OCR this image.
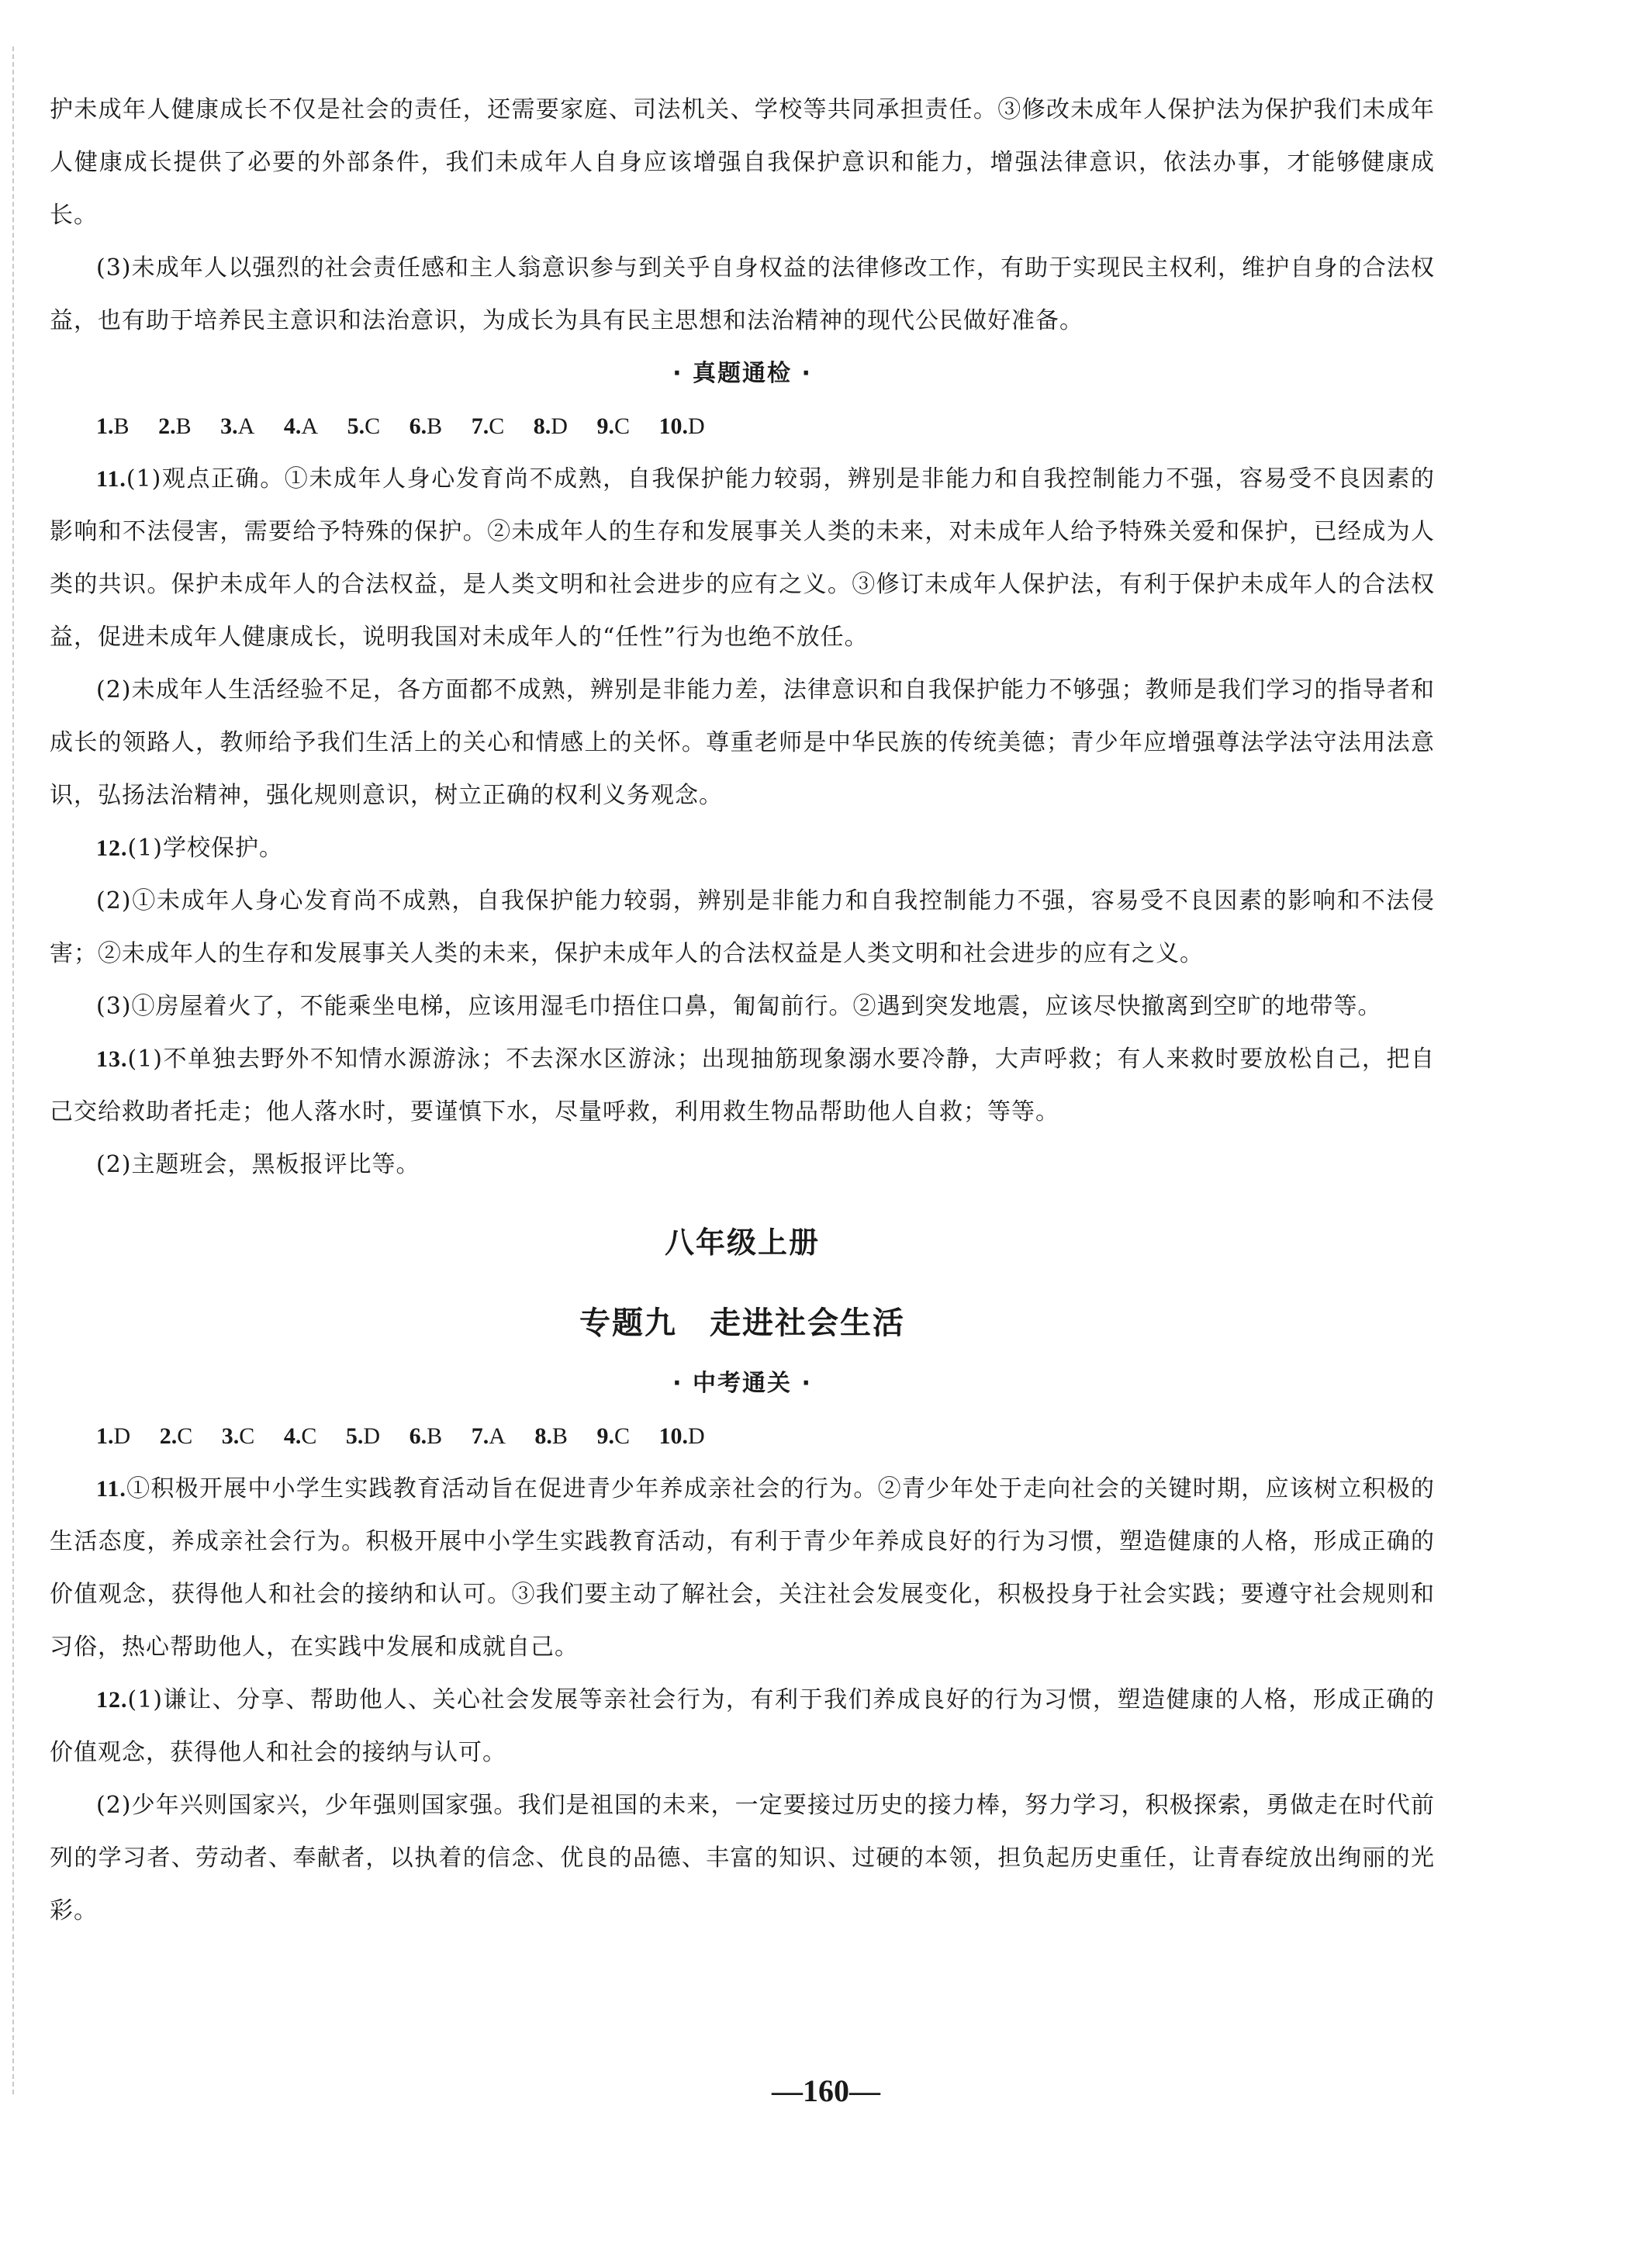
护未成年人健康成长不仅是社会的责任，还需要家庭、司法机关、学校等共同承担责任。③修改未成年人保护法为保护我们未成年人健康成长提供了必要的外部条件，我们未成年人自身应该增强自我保护意识和能力，增强法律意识，依法办事，才能够健康成长。

(3)未成年人以强烈的社会责任感和主人翁意识参与到关乎自身权益的法律修改工作，有助于实现民主权利，维护自身的合法权益，也有助于培养民主意识和法治意识，为成长为具有民主思想和法治精神的现代公民做好准备。

· 真题通检 ·

1.B 2.B 3.A 4.A 5.C 6.B 7.C 8.D 9.C 10.D

11.(1)观点正确。①未成年人身心发育尚不成熟，自我保护能力较弱，辨别是非能力和自我控制能力不强，容易受不良因素的影响和不法侵害，需要给予特殊的保护。②未成年人的生存和发展事关人类的未来，对未成年人给予特殊关爱和保护，已经成为人类的共识。保护未成年人的合法权益，是人类文明和社会进步的应有之义。③修订未成年人保护法，有利于保护未成年人的合法权益，促进未成年人健康成长，说明我国对未成年人的“任性”行为也绝不放任。

(2)未成年人生活经验不足，各方面都不成熟，辨别是非能力差，法律意识和自我保护能力不够强；教师是我们学习的指导者和成长的领路人，教师给予我们生活上的关心和情感上的关怀。尊重老师是中华民族的传统美德；青少年应增强尊法学法守法用法意识，弘扬法治精神，强化规则意识，树立正确的权利义务观念。

12.(1)学校保护。

(2)①未成年人身心发育尚不成熟，自我保护能力较弱，辨别是非能力和自我控制能力不强，容易受不良因素的影响和不法侵害；②未成年人的生存和发展事关人类的未来，保护未成年人的合法权益是人类文明和社会进步的应有之义。

(3)①房屋着火了，不能乘坐电梯，应该用湿毛巾捂住口鼻，匍匐前行。②遇到突发地震，应该尽快撤离到空旷的地带等。

13.(1)不单独去野外不知情水源游泳；不去深水区游泳；出现抽筋现象溺水要冷静，大声呼救；有人来救时要放松自己，把自己交给救助者托走；他人落水时，要谨慎下水，尽量呼救，利用救生物品帮助他人自救；等等。

(2)主题班会，黑板报评比等。

八年级上册

专题九　走进社会生活

· 中考通关 ·

1.D 2.C 3.C 4.C 5.D 6.B 7.A 8.B 9.C 10.D

11.①积极开展中小学生实践教育活动旨在促进青少年养成亲社会的行为。②青少年处于走向社会的关键时期，应该树立积极的生活态度，养成亲社会行为。积极开展中小学生实践教育活动，有利于青少年养成良好的行为习惯，塑造健康的人格，形成正确的价值观念，获得他人和社会的接纳和认可。③我们要主动了解社会，关注社会发展变化，积极投身于社会实践；要遵守社会规则和习俗，热心帮助他人，在实践中发展和成就自己。

12.(1)谦让、分享、帮助他人、关心社会发展等亲社会行为，有利于我们养成良好的行为习惯，塑造健康的人格，形成正确的价值观念，获得他人和社会的接纳与认可。

(2)少年兴则国家兴，少年强则国家强。我们是祖国的未来，一定要接过历史的接力棒，努力学习，积极探索，勇做走在时代前列的学习者、劳动者、奉献者，以执着的信念、优良的品德、丰富的知识、过硬的本领，担负起历史重任，让青春绽放出绚丽的光彩。

—160—
